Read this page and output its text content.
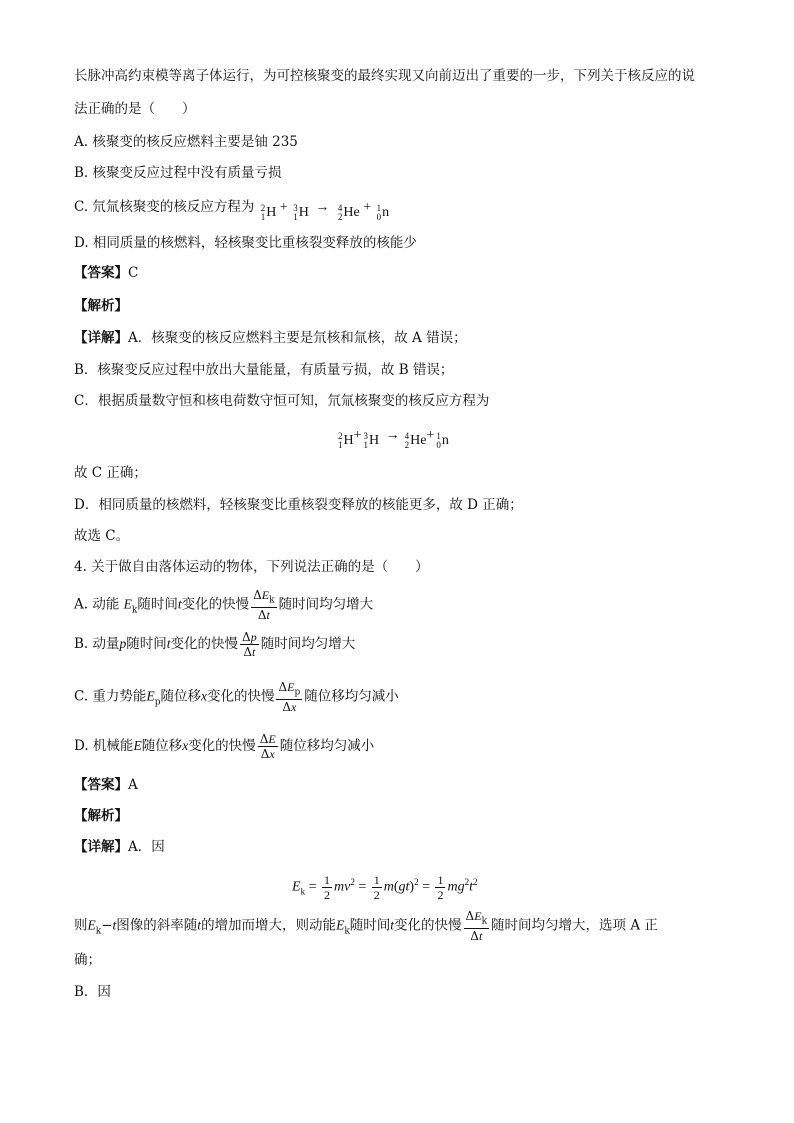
长脉冲高约束模等离子体运行，为可控核聚变的最终实现又向前迈出了重要的一步，下列关于核反应的说
法正确的是（　　）
A. 核聚变的核反应燃料主要是铀 235
B. 核聚变反应过程中没有质量亏损
C. 氘氚核聚变的核反应方程为 2
1 H + 3
1 H → 4
2 He + 1
0 n
D. 相同质量的核燃料，轻核聚变比重核裂变释放的核能少
【答案】C
【解析】
【详解】A．核聚变的核反应燃料主要是氘核和氚核，故 A 错误；
B．核聚变反应过程中放出大量能量，有质量亏损，故 B 错误；
C．根据质量数守恒和核电荷数守恒可知，氘氚核聚变的核反应方程为
2
1 H + 3
1 H → 4
2 He + 1
0 n
故 C 正确；
D．相同质量的核燃料，轻核聚变比重核裂变释放的核能更多，故 D 正确；
故选 C。
4. 关于做自由落体运动的物体，下列说法正确的是（　　）
A. 动能 $E_k$随时间t变化的快慢 $\frac{\Delta E_k}{\Delta t}$ 随时间均匀增大
B. 动量p随时间t变化的快慢 $\frac{\Delta p}{\Delta t}$ 随时间均匀增大
C. 重力势能$E_p$随位移x变化的快慢 $\frac{\Delta E_p}{\Delta x}$ 随位移均匀减小
D. 机械能E随位移x变化的快慢 $\frac{\Delta E}{\Delta x}$ 随位移均匀减小
【答案】A
【解析】
【详解】A．因
$E_k = \frac{1}{2} mv^2 = \frac{1}{2} m(gt)^2 = \frac{1}{2} mg^2t^2$
则$E_k-t$图像的斜率随t的增加而增大，则动能$E_k$随时间t变化的快慢 $\frac{\Delta E_k}{\Delta t}$ 随时间均匀增大，选项 A 正
确；
B．因
